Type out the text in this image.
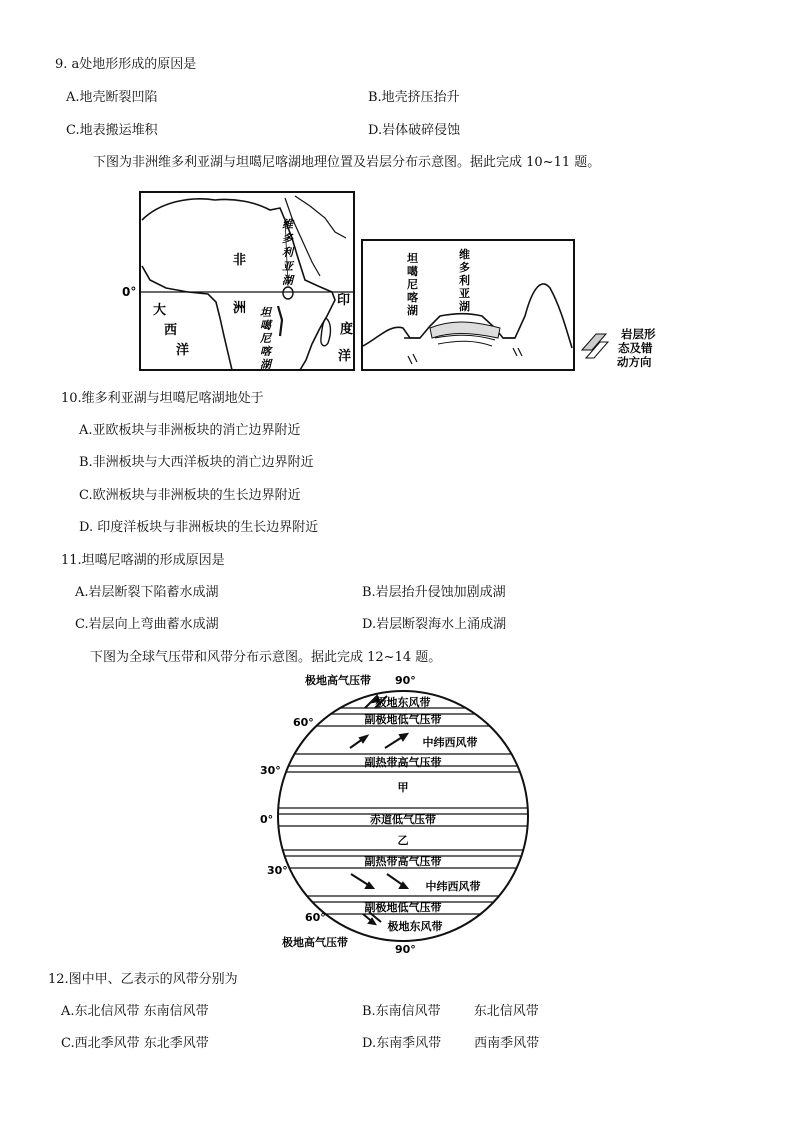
9. a处地形形成的原因是
A.地壳断裂凹陷	B.地壳挤压抬升
C.地表搬运堆积	D.岩体破碎侵蚀
下图为非洲维多利亚湖与坦噶尼喀湖地理位置及岩层分布示意图。据此完成 10~11 题。
0°
非
洲
大
西
洋
印
度
洋
维
多
利
亚
湖
坦
噶
尼
喀
湖
坦
噶
尼
喀
湖
维
多
利
亚
湖
岩层形
态及错
动方向
10.维多利亚湖与坦噶尼喀湖地处于
A.亚欧板块与非洲板块的消亡边界附近
B.非洲板块与大西洋板块的消亡边界附近
C.欧洲板块与非洲板块的生长边界附近
D. 印度洋板块与非洲板块的生长边界附近
11.坦噶尼喀湖的形成原因是
A.岩层断裂下陷蓄水成湖	B.岩层抬升侵蚀加剧成湖
C.岩层向上弯曲蓄水成湖	D.岩层断裂海水上涌成湖
下图为全球气压带和风带分布示意图。据此完成 12~14 题。
极地东风带
副极地低气压带
中纬西风带
副热带高气压带
甲
赤道低气压带
乙
副热带高气压带
中纬西风带
副极地低气压带
极地东风带
极地高气压带 90°
60°
30°
0°
30°
60°
极地高气压带
90°
12.图中甲、乙表示的风带分别为
A.东北信风带 东南信风带	B.东南信风带        东北信风带
C.西北季风带 东北季风带	D.东南季风带        西南季风带
